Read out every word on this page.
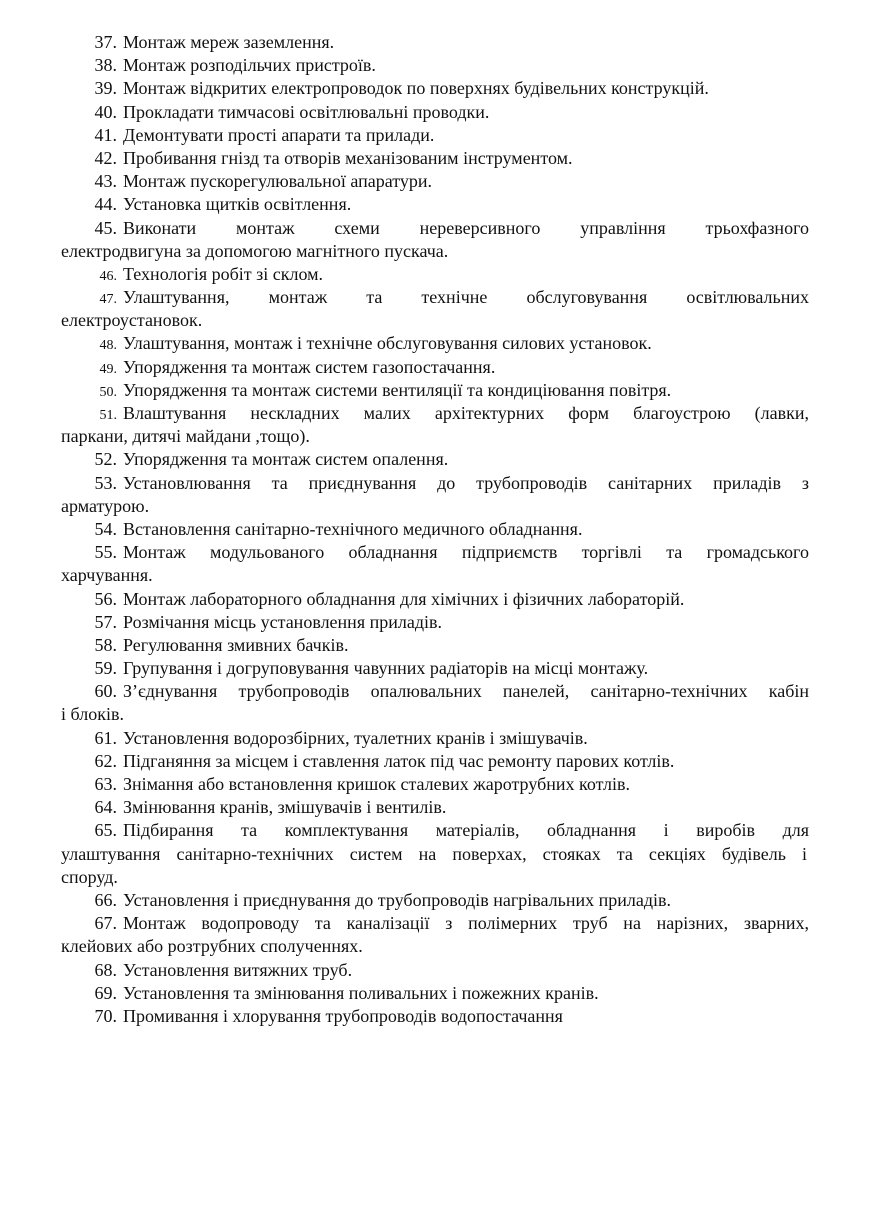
37. Монтаж мереж заземлення.
38. Монтаж розподільчих пристроїв.
39. Монтаж відкритих електропроводок по поверхнях будівельних конструкцій.
40. Прокладати тимчасові освітлювальні проводки.
41. Демонтувати прості апарати та прилади.
42. Пробивання гнізд та отворів механізованим інструментом.
43. Монтаж пускорегулювальної апаратури.
44. Установка щитків освітлення.
45. Виконати монтаж схеми нереверсивного управління трьохфазного
електродвигуна за допомогою магнітного пускача.
46. Технологія робіт зі склом.
47. Улаштування, монтаж та технічне обслуговування освітлювальних
електроустановок.
48. Улаштування, монтаж і технічне обслуговування силових установок.
49. Упорядження та монтаж систем газопостачання.
50. Упорядження та монтаж системи вентиляції та кондиціювання повітря.
51. Влаштування нескладних малих архітектурних форм благоустрою (лавки,
паркани, дитячі майдани ,тощо).
52. Упорядження та монтаж систем опалення.
53. Установлювання та приєднування до трубопроводів санітарних приладів з
арматурою.
54. Встановлення санітарно-технічного медичного обладнання.
55. Монтаж модульованого обладнання підприємств торгівлі та громадського
харчування.
56. Монтаж лабораторного обладнання для хімічних і фізичних лабораторій.
57. Розмічання місць установлення приладів.
58. Регулювання змивних бачків.
59. Групування і догруповування чавунних радіаторів на місці монтажу.
60. З’єднування трубопроводів опалювальних панелей, санітарно-технічних кабін
і блоків.
61. Установлення водорозбірних, туалетних кранів і змішувачів.
62. Підганяння за місцем і ставлення латок під час ремонту парових котлів.
63. Знімання або встановлення кришок сталевих жаротрубних котлів.
64. Змінювання кранів, змішувачів і вентилів.
65. Підбирання та комплектування матеріалів, обладнання і виробів для
улаштування санітарно-технічних систем на поверхах, стояках та секціях будівель і
споруд.
66. Установлення і приєднування до трубопроводів нагрівальних приладів.
67. Монтаж водопроводу та каналізації з полімерних труб на нарізних, зварних,
клейових або розтрубних сполученнях.
68. Установлення витяжних труб.
69. Установлення та змінювання поливальних і пожежних кранів.
70. Промивання і хлорування трубопроводів водопостачання
